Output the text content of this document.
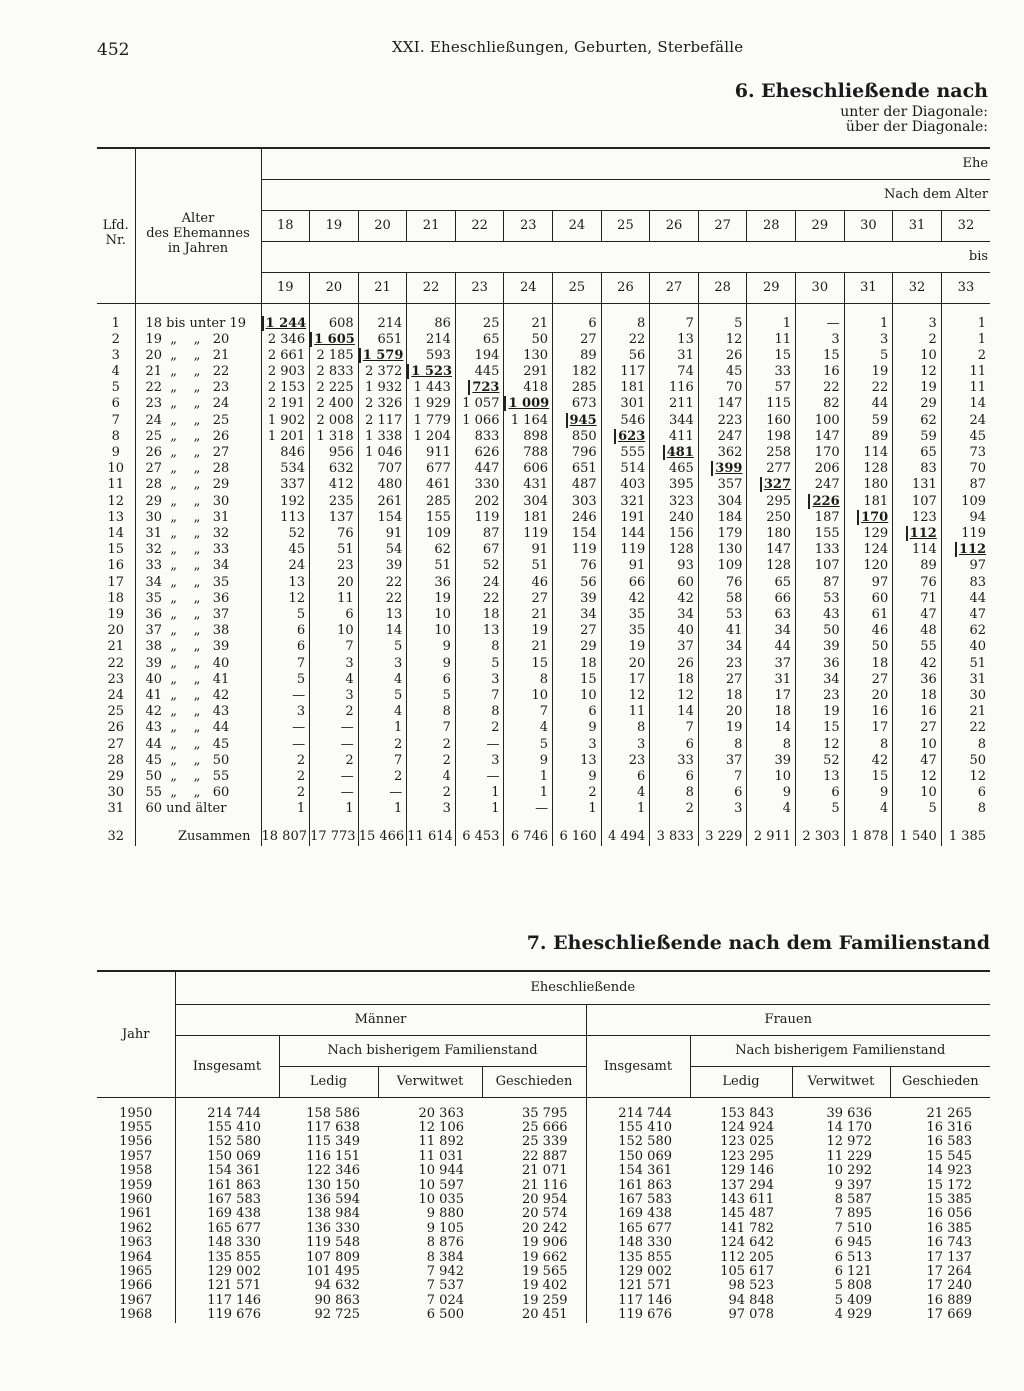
452	XXI. Eheschließungen, Geburten, Sterbefälle
6. Eheschließende nach
unter der Diagonale:
über der Diagonale:

Lfd.
Nr.	Alter
des Ehemannes
in Jahren	Ehe														
		Nach dem Alter														
		18	19	20	21	22	23	24	25	26	27	28	29	30	31	32
		bis														
		19	20	21	22	23	24	25	26	27	28	29	30	31	32	33
1	18 bis unter 19	1 244	608	214	86	25	21	6	8	7	5	1	—	1	3	1
2	19  „    „   20	2 346	1 605	651	214	65	50	27	22	13	12	11	3	3	2	1
3	20  „    „   21	2 661	2 185	1 579	593	194	130	89	56	31	26	15	15	5	10	2
4	21  „    „   22	2 903	2 833	2 372	1 523	445	291	182	117	74	45	33	16	19	12	11
5	22  „    „   23	2 153	2 225	1 932	1 443	723	418	285	181	116	70	57	22	22	19	11
6	23  „    „   24	2 191	2 400	2 326	1 929	1 057	1 009	673	301	211	147	115	82	44	29	14
7	24  „    „   25	1 902	2 008	2 117	1 779	1 066	1 164	945	546	344	223	160	100	59	62	24
8	25  „    „   26	1 201	1 318	1 338	1 204	833	898	850	623	411	247	198	147	89	59	45
9	26  „    „   27	846	956	1 046	911	626	788	796	555	481	362	258	170	114	65	73
10	27  „    „   28	534	632	707	677	447	606	651	514	465	399	277	206	128	83	70
11	28  „    „   29	337	412	480	461	330	431	487	403	395	357	327	247	180	131	87
12	29  „    „   30	192	235	261	285	202	304	303	321	323	304	295	226	181	107	109
13	30  „    „   31	113	137	154	155	119	181	246	191	240	184	250	187	170	123	94
14	31  „    „   32	52	76	91	109	87	119	154	144	156	179	180	155	129	112	119
15	32  „    „   33	45	51	54	62	67	91	119	119	128	130	147	133	124	114	112
16	33  „    „   34	24	23	39	51	52	51	76	91	93	109	128	107	120	89	97
17	34  „    „   35	13	20	22	36	24	46	56	66	60	76	65	87	97	76	83
18	35  „    „   36	12	11	22	19	22	27	39	42	42	58	66	53	60	71	44
19	36  „    „   37	5	6	13	10	18	21	34	35	34	53	63	43	61	47	47
20	37  „    „   38	6	10	14	10	13	19	27	35	40	41	34	50	46	48	62
21	38  „    „   39	6	7	5	9	8	21	29	19	37	34	44	39	50	55	40
22	39  „    „   40	7	3	3	9	5	15	18	20	26	23	37	36	18	42	51
23	40  „    „   41	5	4	4	6	3	8	15	17	18	27	31	34	27	36	31
24	41  „    „   42	—	3	5	5	7	10	10	12	12	18	17	23	20	18	30
25	42  „    „   43	3	2	4	8	8	7	6	11	14	20	18	19	16	16	21
26	43  „    „   44	—	—	1	7	2	4	9	8	7	19	14	15	17	27	22
27	44  „    „   45	—	—	2	2	—	5	3	3	6	8	8	12	8	10	8
28	45  „    „   50	2	2	7	2	3	9	13	23	33	37	39	52	42	47	50
29	50  „    „   55	2	—	2	4	—	1	9	6	6	7	10	13	15	12	12
30	55  „    „   60	2	—	—	2	1	1	2	4	8	6	9	6	9	10	6
31	60 und älter	1	1	1	3	1	—	1	1	2	3	4	5	4	5	8
32	Zusammen	18 807	17 773	15 466	11 614	6 453	6 746	6 160	4 494	3 833	3 229	2 911	2 303	1 878	1 540	1 385
7. Eheschließende nach dem Familienstand
Jahr	Eheschließende							
	Männer				Frauen			
	Insgesamt	Nach bisherigem Familienstand			Insgesamt	Nach bisherigem Familienstand		
		Ledig	Verwitwet	Geschieden		Ledig	Verwitwet	Geschieden
1950	214 744	158 586	20 363	35 795	214 744	153 843	39 636	21 265
1955	155 410	117 638	12 106	25 666	155 410	124 924	14 170	16 316
1956	152 580	115 349	11 892	25 339	152 580	123 025	12 972	16 583
1957	150 069	116 151	11 031	22 887	150 069	123 295	11 229	15 545
1958	154 361	122 346	10 944	21 071	154 361	129 146	10 292	14 923
1959	161 863	130 150	10 597	21 116	161 863	137 294	9 397	15 172
1960	167 583	136 594	10 035	20 954	167 583	143 611	8 587	15 385
1961	169 438	138 984	9 880	20 574	169 438	145 487	7 895	16 056
1962	165 677	136 330	9 105	20 242	165 677	141 782	7 510	16 385
1963	148 330	119 548	8 876	19 906	148 330	124 642	6 945	16 743
1964	135 855	107 809	8 384	19 662	135 855	112 205	6 513	17 137
1965	129 002	101 495	7 942	19 565	129 002	105 617	6 121	17 264
1966	121 571	94 632	7 537	19 402	121 571	98 523	5 808	17 240
1967	117 146	90 863	7 024	19 259	117 146	94 848	5 409	16 889
1968	119 676	92 725	6 500	20 451	119 676	97 078	4 929	17 669
